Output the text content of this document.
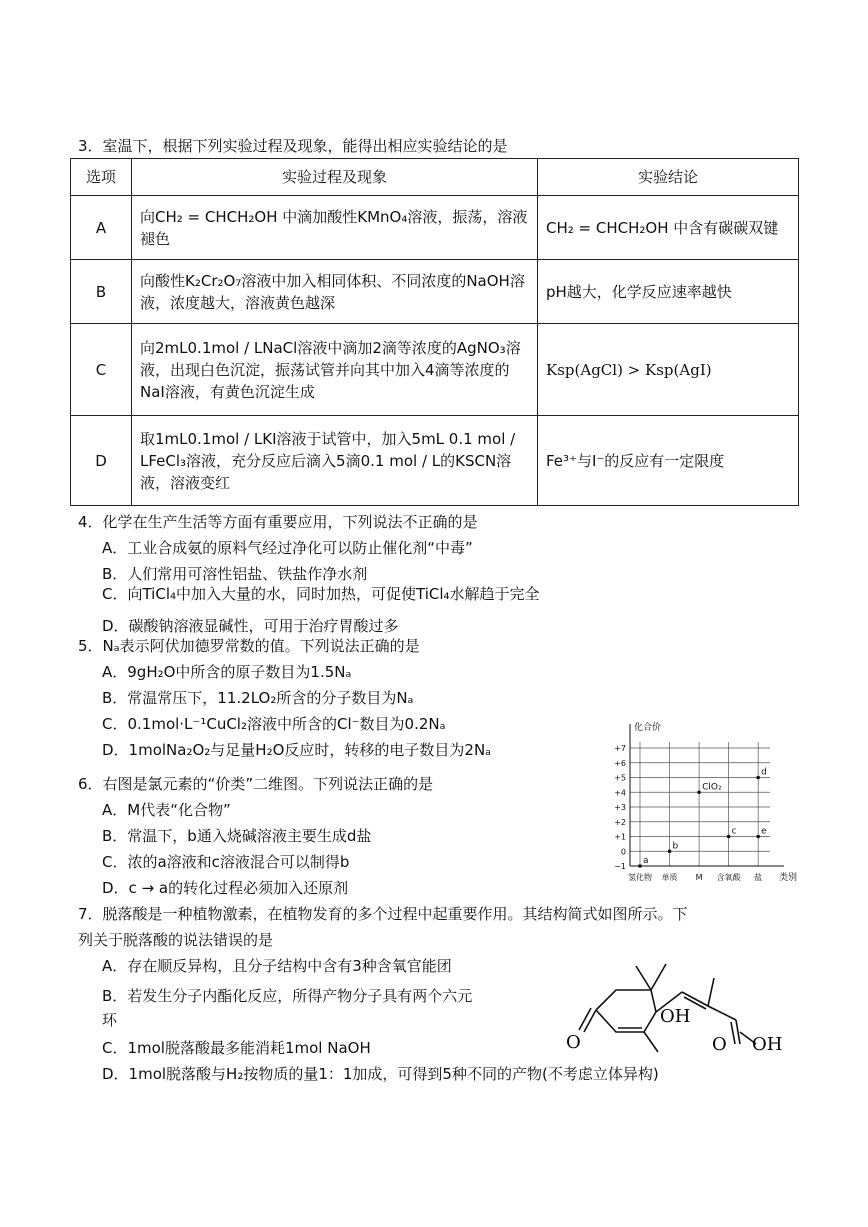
3．室温下，根据下列实验过程及现象，能得出相应实验结论的是
选项	实验过程及现象	实验结论
A	向CH₂ = CHCH₂OH 中滴加酸性KMnO₄溶液，振荡，溶液褪色	CH₂ = CHCH₂OH 中含有碳碳双键
B	向酸性K₂Cr₂O₇溶液中加入相同体积、不同浓度的NaOH溶液，浓度越大，溶液黄色越深	pH越大，化学反应速率越快
C	向2mL0.1mol / LNaCl溶液中滴加2滴等浓度的AgNO₃溶液，出现白色沉淀，振荡试管并向其中加入4滴等浓度的NaI溶液，有黄色沉淀生成	Ksp(AgCl) > Ksp(AgI)
D	取1mL0.1mol / LKI溶液于试管中，加入5mL 0.1 mol / LFeCl₃溶液，充分反应后滴入5滴0.1 mol / L的KSCN溶液，溶液变红	Fe³⁺与I⁻的反应有一定限度
4．化学在生产生活等方面有重要应用，下列说法不正确的是
A．工业合成氨的原料气经过净化可以防止催化剂“中毒”
B．人们常用可溶性铝盐、铁盐作净水剂
C．向TiCl₄中加入大量的水，同时加热，可促使TiCl₄水解趋于完全
D．碳酸钠溶液显碱性，可用于治疗胃酸过多
5．Nₐ表示阿伏加德罗常数的值。下列说法正确的是
A．9gH₂O中所含的原子数目为1.5Nₐ
B．常温常压下，11.2LO₂所含的分子数目为Nₐ
C．0.1mol·L⁻¹CuCl₂溶液中所含的Cl⁻数目为0.2Nₐ
D．1molNa₂O₂与足量H₂O反应时，转移的电子数目为2Nₐ
6．右图是氯元素的“价类”二维图。下列说法正确的是
A．M代表“化合物”
B．常温下，b通入烧碱溶液主要生成d盐
C．浓的a溶液和c溶液混合可以制得b
D．c → a的转化过程必须加入还原剂
−1
0
+1
+2
+3
+4
+5
+6
+7
氢化物 单质 M 含氧酸 盐
化合价
类别
a
b
ClO₂
c	e
d
7．脱落酸是一种植物激素，在植物发育的多个过程中起重要作用。其结构简式如图所示。下
列关于脱落酸的说法错误的是
A．存在顺反异构，且分子结构中含有3种含氧官能团
B．若发生分子内酯化反应，所得产物分子具有两个六元
环
C．1mol脱落酸最多能消耗1mol NaOH
D．1mol脱落酸与H₂按物质的量1：1加成，可得到5种不同的产物(不考虑立体异构)
OH
O	O OH
